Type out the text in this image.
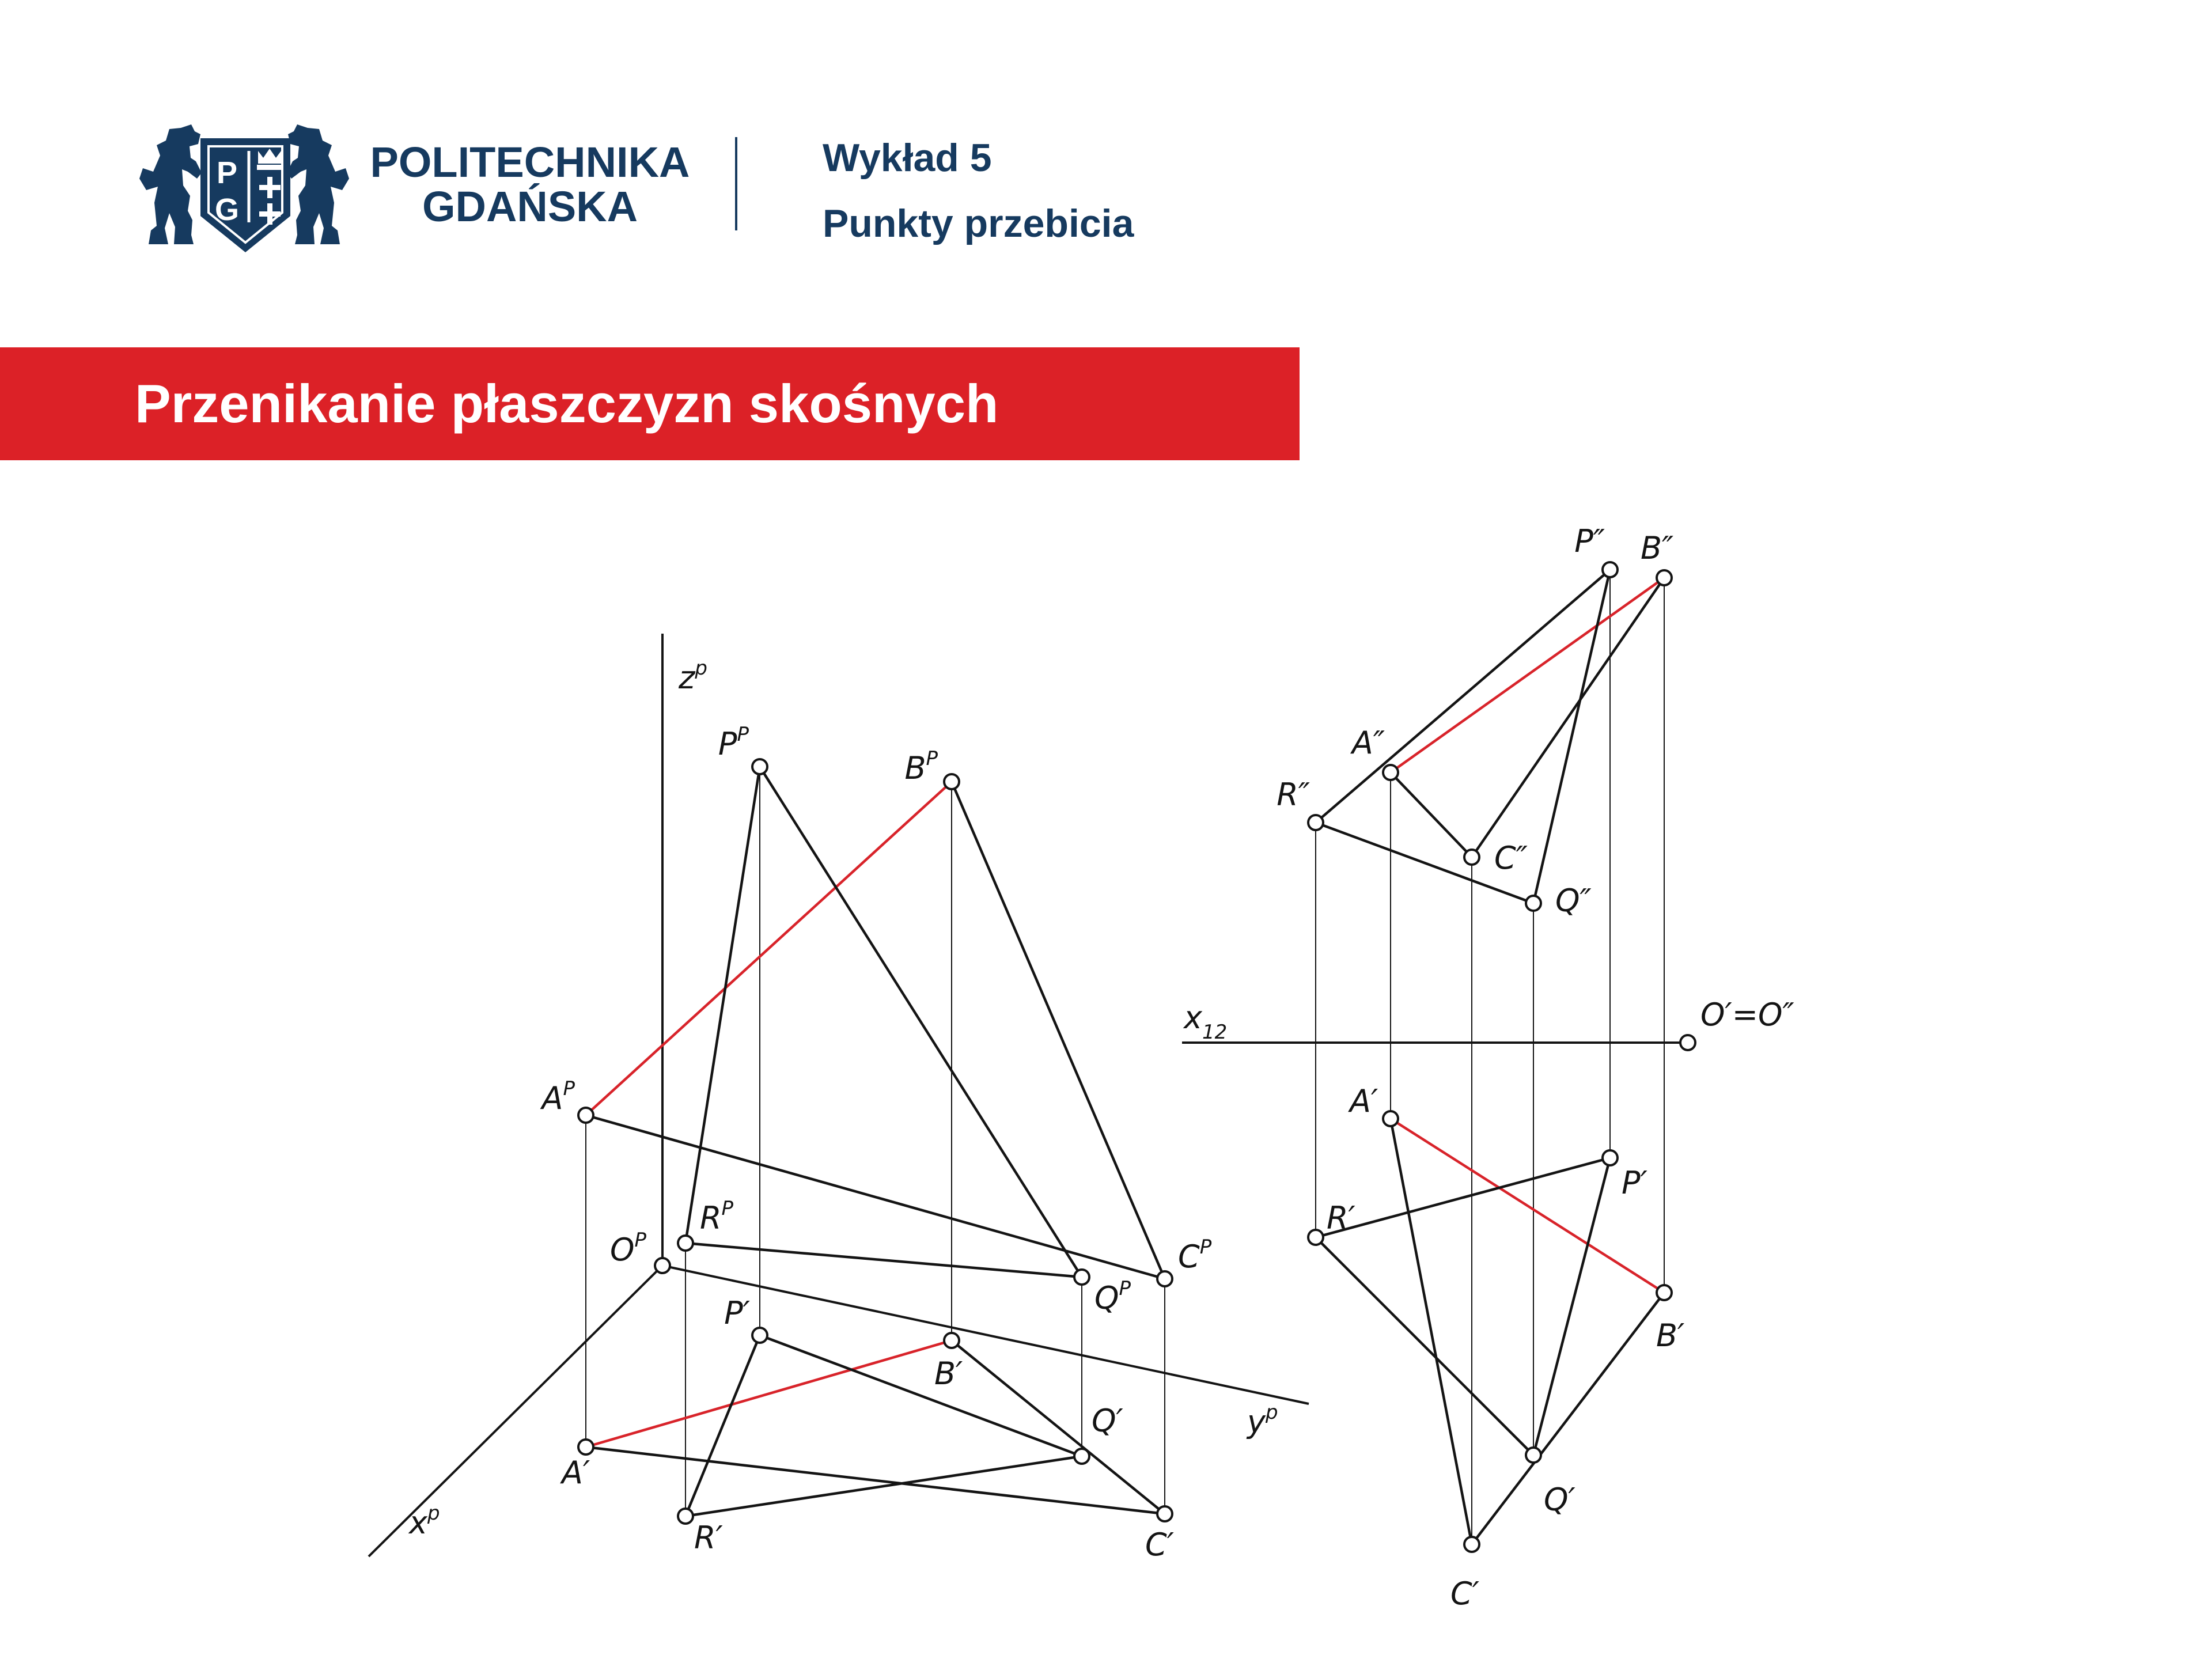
P
G
POLITECHNIKA
GDAŃSKA
Wykład 5
Punkty przebicia
Przenikanie płaszczyzn skośnych
$z^p$
$P^P$
$B^P$
$A^P$
$O^P$
$R^P$
$Q^P$
$C^P$
P′
B′
A′
R′
Q′
C′
$x^p$
$y^p$
P″ B″
A″
R″
C″
Q″
$x_{12}$	O′=O″
A′
R′
P′
B′
Q′
C′
